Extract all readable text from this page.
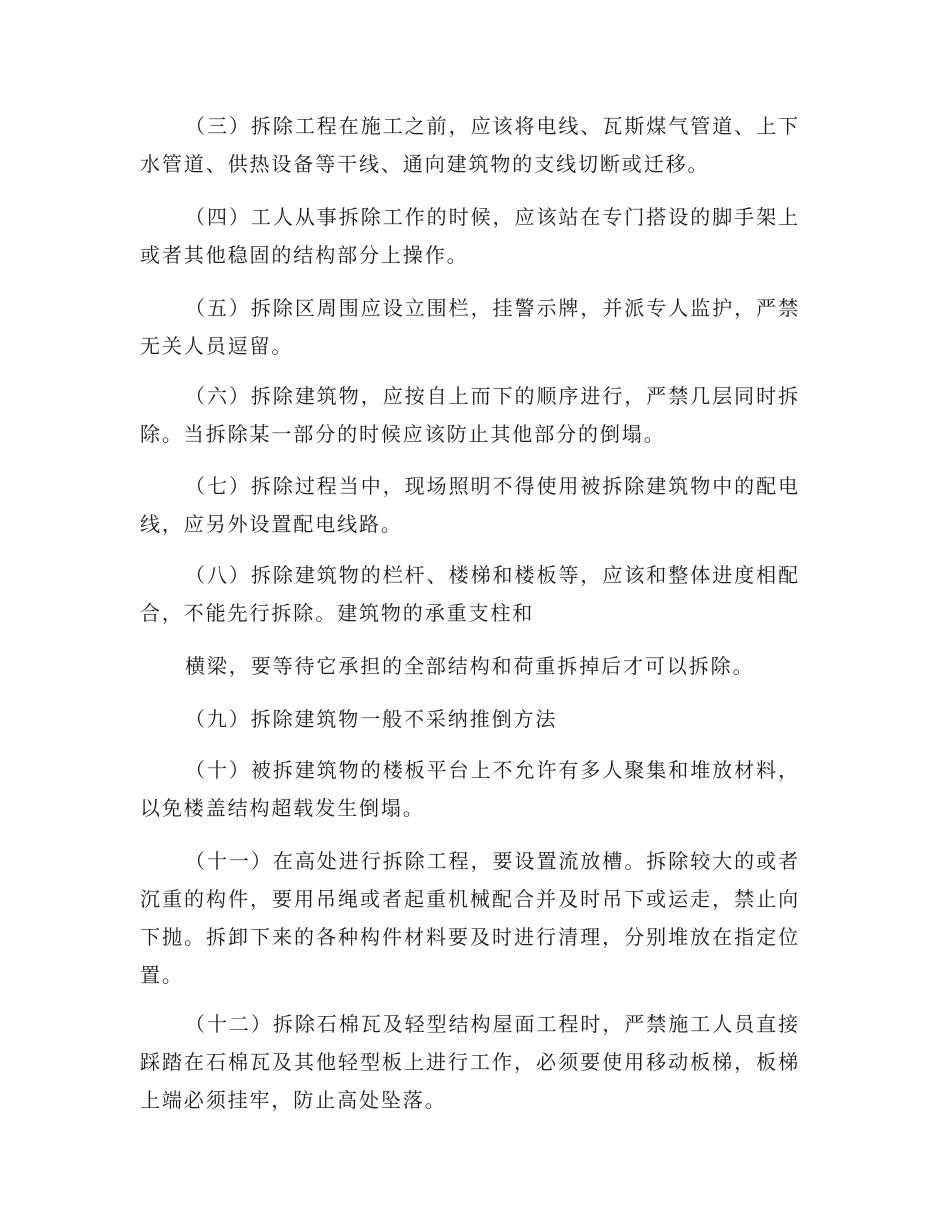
（三）拆除工程在施工之前，应该将电线、瓦斯煤气管道、上下水管道、供热设备等干线、通向建筑物的支线切断或迁移。

（四）工人从事拆除工作的时候，应该站在专门搭设的脚手架上或者其他稳固的结构部分上操作。

（五）拆除区周围应设立围栏，挂警示牌，并派专人监护，严禁无关人员逗留。

（六）拆除建筑物，应按自上而下的顺序进行，严禁几层同时拆除。当拆除某一部分的时候应该防止其他部分的倒塌。

（七）拆除过程当中，现场照明不得使用被拆除建筑物中的配电线，应另外设置配电线路。

（八）拆除建筑物的栏杆、楼梯和楼板等，应该和整体进度相配合，不能先行拆除。建筑物的承重支柱和

横梁，要等待它承担的全部结构和荷重拆掉后才可以拆除。

（九）拆除建筑物一般不采纳推倒方法

（十）被拆建筑物的楼板平台上不允许有多人聚集和堆放材料，以免楼盖结构超载发生倒塌。

（十一）在高处进行拆除工程，要设置流放槽。拆除较大的或者沉重的构件，要用吊绳或者起重机械配合并及时吊下或运走，禁止向下抛。拆卸下来的各种构件材料要及时进行清理，分别堆放在指定位置。

（十二）拆除石棉瓦及轻型结构屋面工程时，严禁施工人员直接踩踏在石棉瓦及其他轻型板上进行工作，必须要使用移动板梯，板梯上端必须挂牢，防止高处坠落。
